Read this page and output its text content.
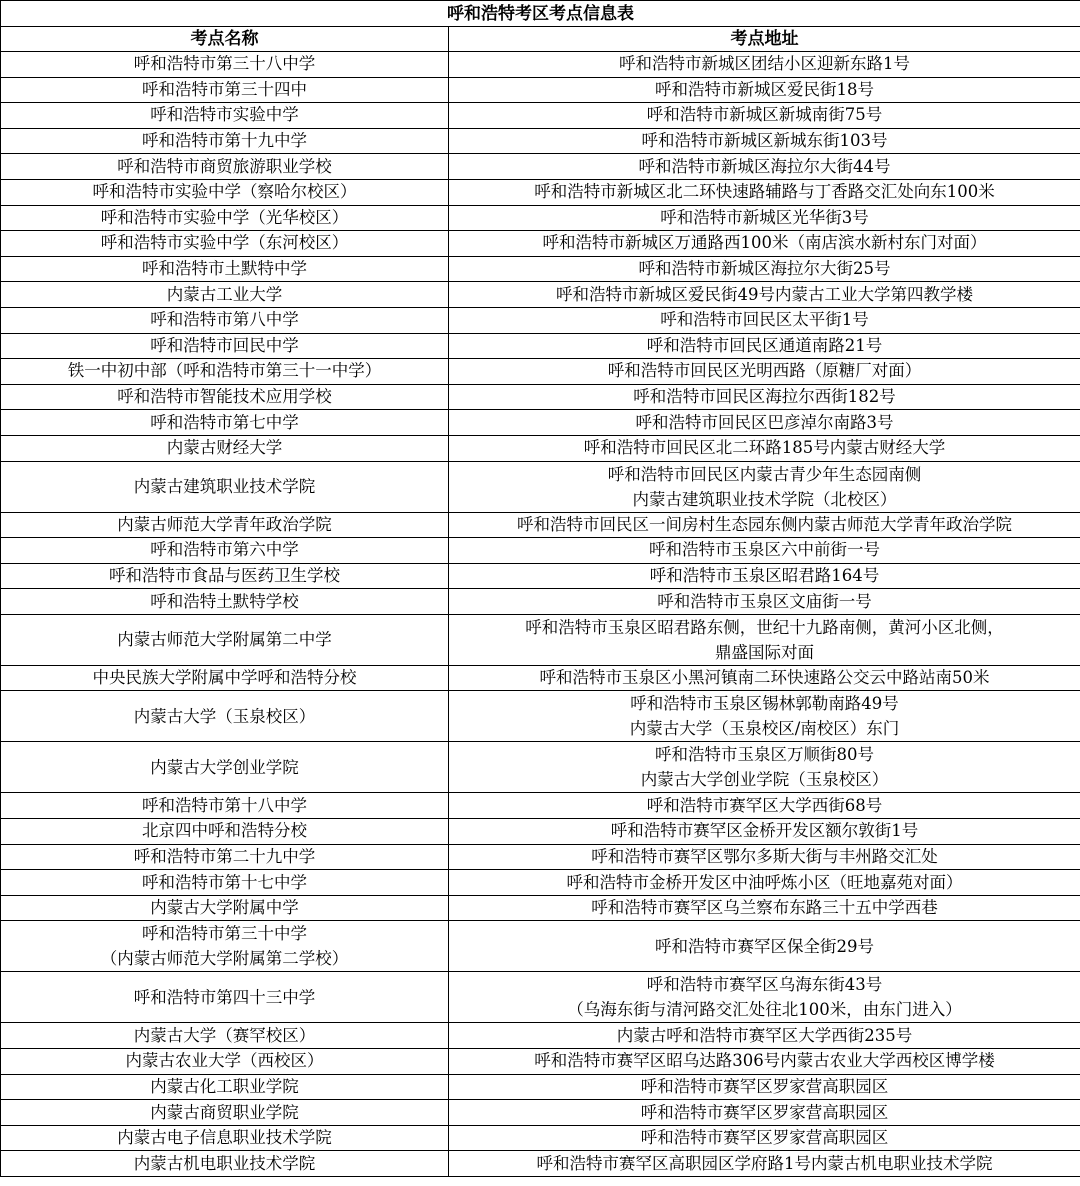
呼和浩特考区考点信息表	
考点名称	考点地址

呼和浩特市第三十八中学	呼和浩特市新城区团结小区迎新东路1号

呼和浩特市第三十四中	呼和浩特市新城区爱民街18号

呼和浩特市实验中学	呼和浩特市新城区新城南街75号

呼和浩特市第十九中学	呼和浩特市新城区新城东街103号

呼和浩特市商贸旅游职业学校	呼和浩特市新城区海拉尔大街44号

呼和浩特市实验中学（察哈尔校区）	呼和浩特市新城区北二环快速路辅路与丁香路交汇处向东100米

呼和浩特市实验中学（光华校区）	呼和浩特市新城区光华街3号

呼和浩特市实验中学（东河校区）	呼和浩特市新城区万通路西100米（南店滨水新村东门对面）

呼和浩特市土默特中学	呼和浩特市新城区海拉尔大街25号

内蒙古工业大学	呼和浩特市新城区爱民街49号内蒙古工业大学第四教学楼

呼和浩特市第八中学	呼和浩特市回民区太平街1号

呼和浩特市回民中学	呼和浩特市回民区通道南路21号

铁一中初中部（呼和浩特市第三十一中学）	呼和浩特市回民区光明西路（原糖厂对面）

呼和浩特市智能技术应用学校	呼和浩特市回民区海拉尔西街182号

呼和浩特市第七中学	呼和浩特市回民区巴彦淖尔南路3号

内蒙古财经大学	呼和浩特市回民区北二环路185号内蒙古财经大学

内蒙古建筑职业技术学院	呼和浩特市回民区内蒙古青少年生态园南侧
内蒙古建筑职业技术学院（北校区）

内蒙古师范大学青年政治学院	呼和浩特市回民区一间房村生态园东侧内蒙古师范大学青年政治学院

呼和浩特市第六中学	呼和浩特市玉泉区六中前街一号

呼和浩特市食品与医药卫生学校	呼和浩特市玉泉区昭君路164号

呼和浩特土默特学校	呼和浩特市玉泉区文庙街一号

内蒙古师范大学附属第二中学	呼和浩特市玉泉区昭君路东侧，世纪十九路南侧，黄河小区北侧，
鼎盛国际对面

中央民族大学附属中学呼和浩特分校	呼和浩特市玉泉区小黑河镇南二环快速路公交云中路站南50米

内蒙古大学（玉泉校区）	呼和浩特市玉泉区锡林郭勒南路49号
内蒙古大学（玉泉校区/南校区）东门

内蒙古大学创业学院	呼和浩特市玉泉区万顺街80号
内蒙古大学创业学院（玉泉校区）

呼和浩特市第十八中学	呼和浩特市赛罕区大学西街68号

北京四中呼和浩特分校	呼和浩特市赛罕区金桥开发区额尔敦街1号

呼和浩特市第二十九中学	呼和浩特市赛罕区鄂尔多斯大街与丰州路交汇处

呼和浩特市第十七中学	呼和浩特市金桥开发区中油呼炼小区（旺地嘉苑对面）

内蒙古大学附属中学	呼和浩特市赛罕区乌兰察布东路三十五中学西巷

呼和浩特市第三十中学
（内蒙古师范大学附属第二学校）	呼和浩特市赛罕区保全街29号

呼和浩特市第四十三中学	呼和浩特市赛罕区乌海东街43号
（乌海东街与清河路交汇处往北100米，由东门进入）

内蒙古大学（赛罕校区）	内蒙古呼和浩特市赛罕区大学西街235号

内蒙古农业大学（西校区）	呼和浩特市赛罕区昭乌达路306号内蒙古农业大学西校区博学楼

内蒙古化工职业学院	呼和浩特市赛罕区罗家营高职园区

内蒙古商贸职业学院	呼和浩特市赛罕区罗家营高职园区

内蒙古电子信息职业技术学院	呼和浩特市赛罕区罗家营高职园区

内蒙古机电职业技术学院	呼和浩特市赛罕区高职园区学府路1号内蒙古机电职业技术学院
